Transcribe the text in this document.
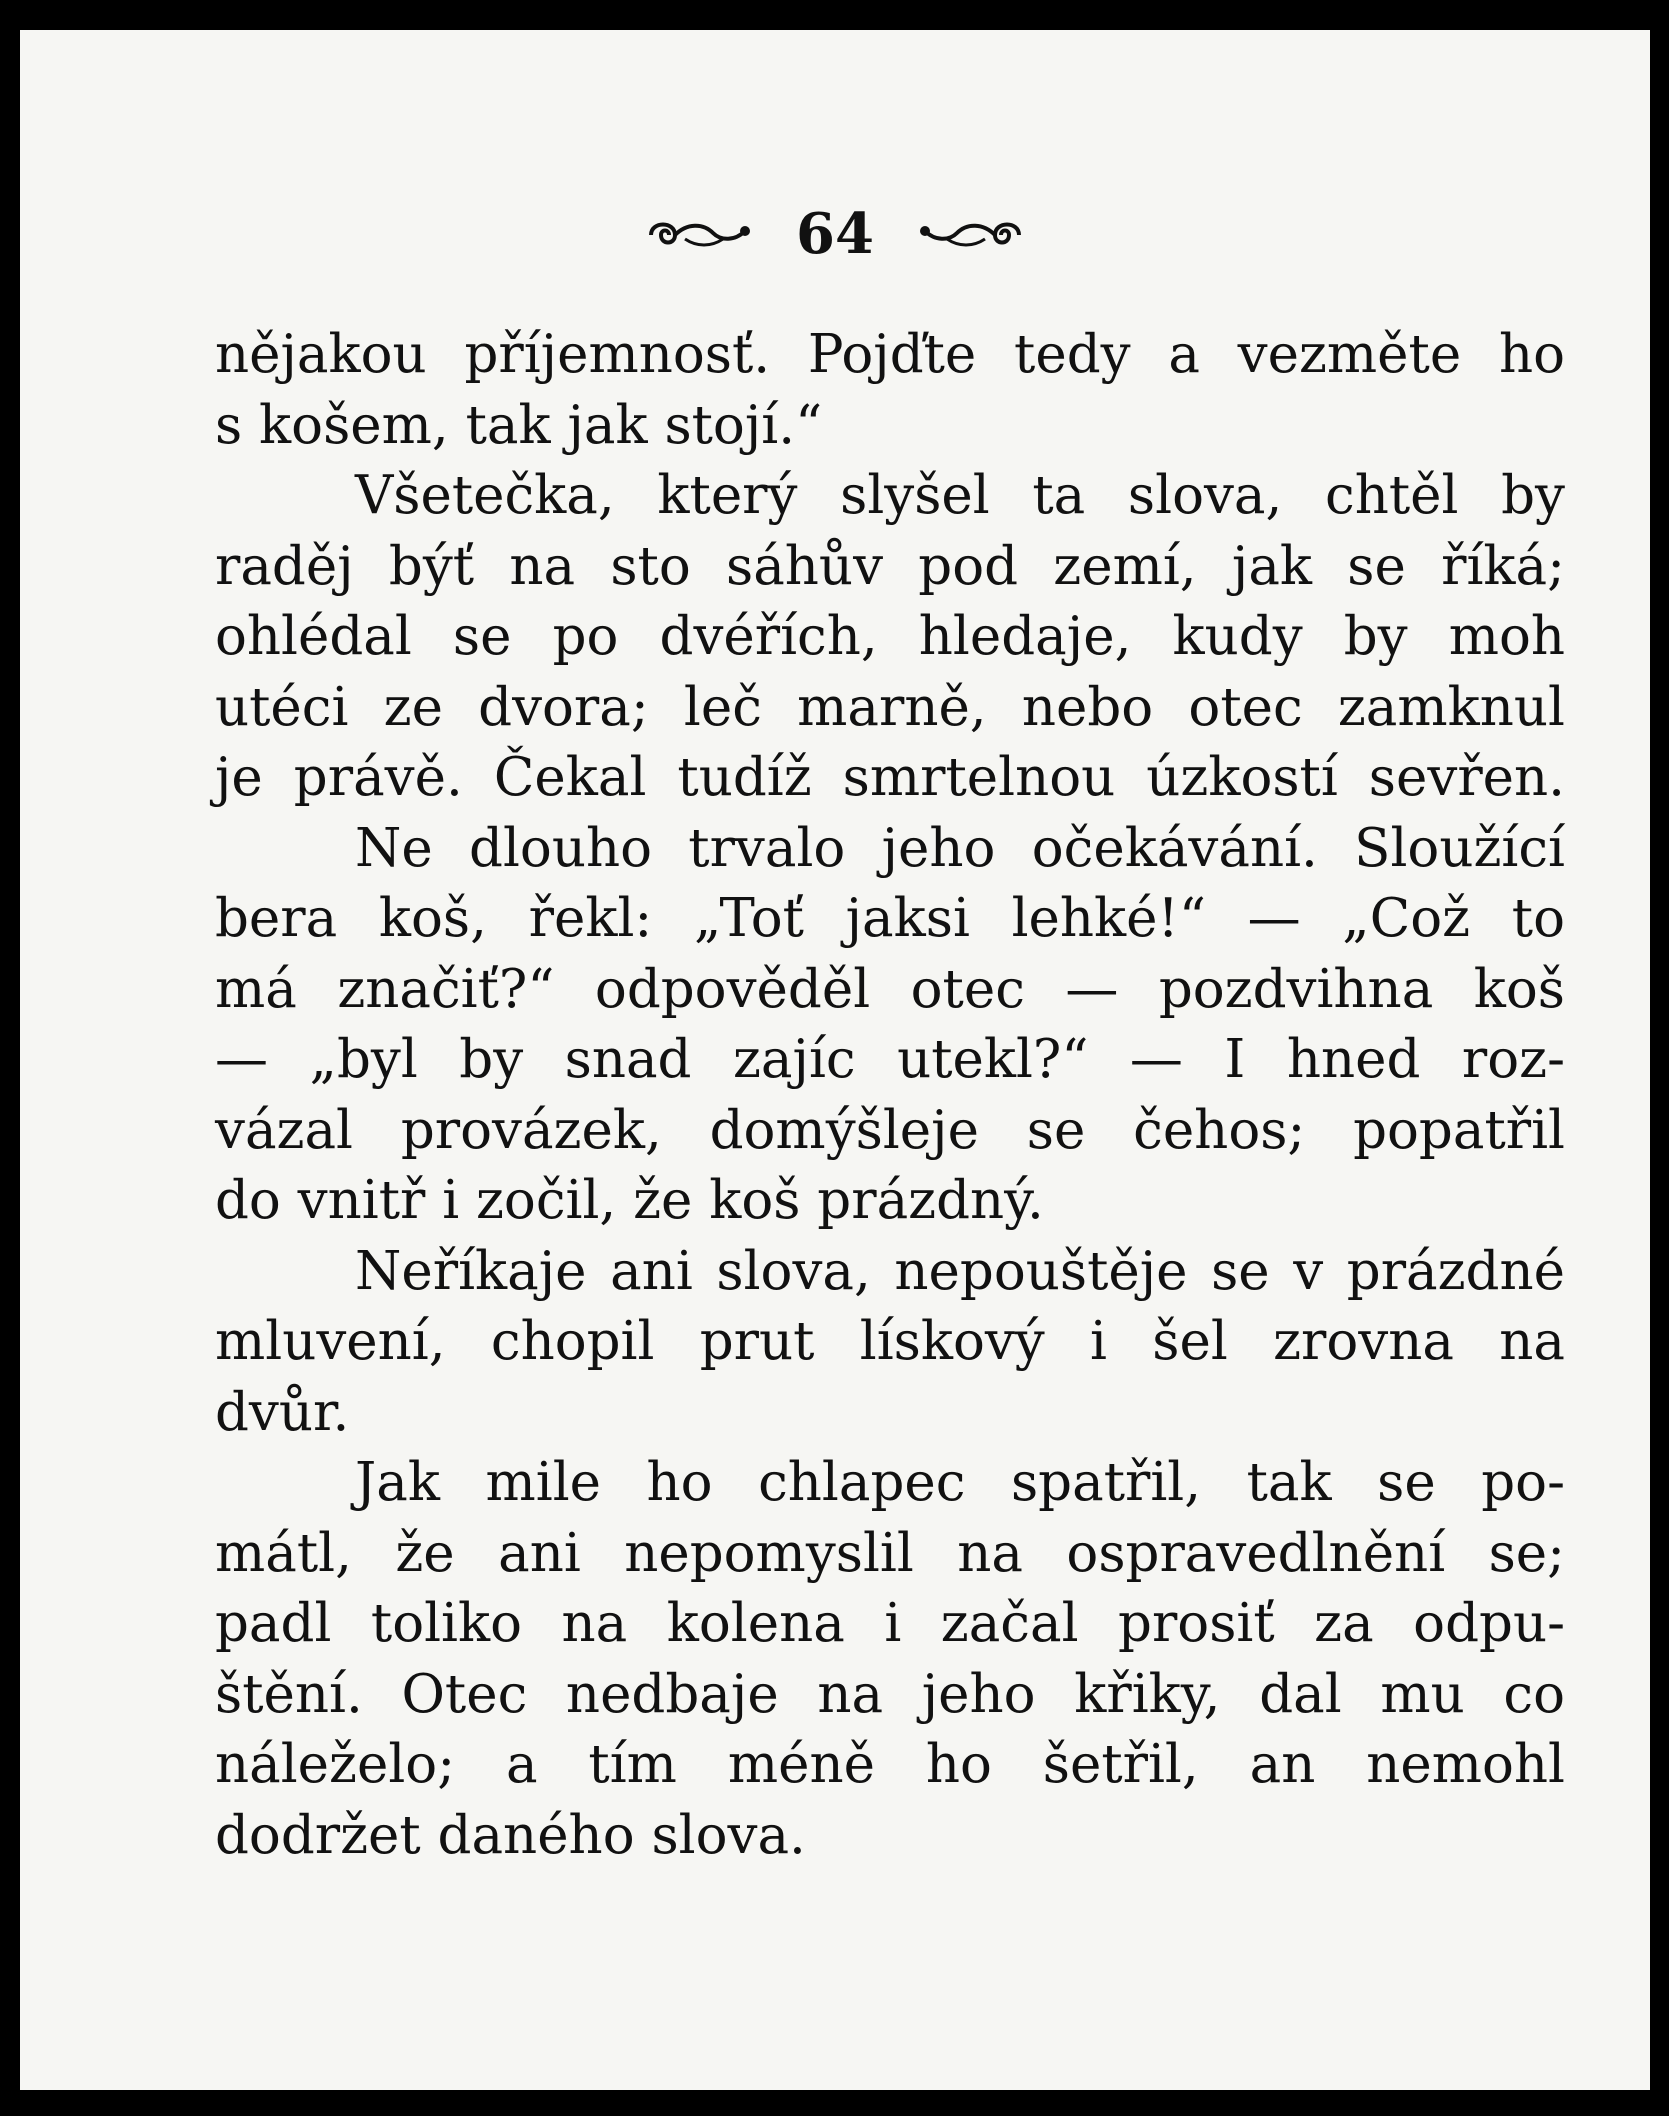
64
nějakou příjemnosť. Pojďte tedy a vezměte ho
s košem, tak jak stojí.“
Všetečka, který slyšel ta slova, chtěl by
raděj býť na sto sáhův pod zemí, jak se říká;
ohlédal se po dvéřích, hledaje, kudy by moh
utéci ze dvora; leč marně, nebo otec zamknul
je právě. Čekal tudíž smrtelnou úzkostí sevřen.
Ne dlouho trvalo jeho očekávání. Sloužící
bera koš, řekl: „Toť jaksi lehké!“ — „Což to
má značiť?“ odpověděl otec — pozdvihna koš
— „byl by snad zajíc utekl?“ — I hned roz-
vázal provázek, domýšleje se čehos; popatřil
do vnitř i zočil, že koš prázdný.
Neříkaje ani slova, nepouštěje se v prázdné
mluvení, chopil prut lískový i šel zrovna na
dvůr.
Jak mile ho chlapec spatřil, tak se po-
mátl, že ani nepomyslil na ospravedlnění se;
padl toliko na kolena i začal prosiť za odpu-
štění. Otec nedbaje na jeho křiky, dal mu co
náleželo; a tím méně ho šetřil, an nemohl
dodržet daného slova.
